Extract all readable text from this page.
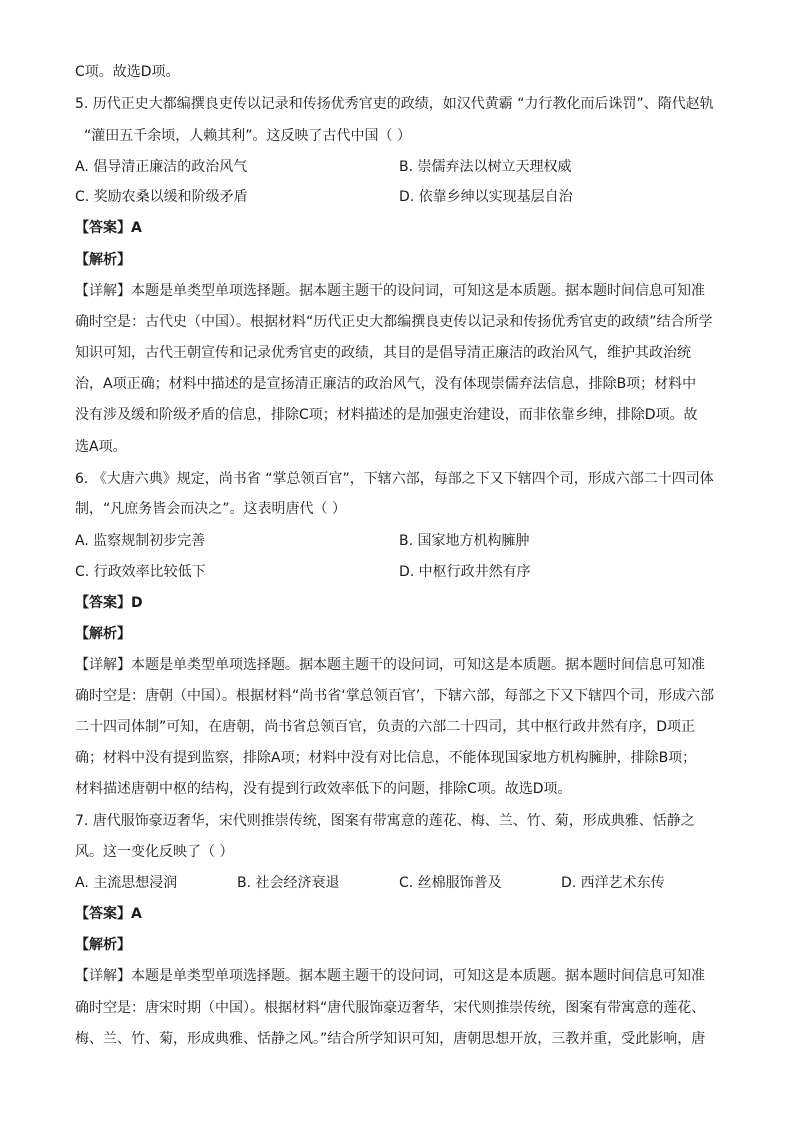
C项。故选D项。
5. 历代正史大都编撰良吏传以记录和传扬优秀官吏的政绩，如汉代黄霸 “力行教化而后诛罚”、隋代赵轨
“灌田五千余顷，人赖其利”。这反映了古代中国（ ）
A. 倡导清正廉洁的政治风气	B. 崇儒弃法以树立天理权威
C. 奖励农桑以缓和阶级矛盾	D. 依靠乡绅以实现基层自治
【答案】A
【解析】
【详解】本题是单类型单项选择题。据本题主题干的设问词，可知这是本质题。据本题时间信息可知准
确时空是：古代史（中国）。根据材料“历代正史大都编撰良吏传以记录和传扬优秀官吏的政绩”结合所学
知识可知，古代王朝宣传和记录优秀官吏的政绩，其目的是倡导清正廉洁的政治风气，维护其政治统
治，A项正确；材料中描述的是宣扬清正廉洁的政治风气，没有体现崇儒弃法信息，排除B项；材料中
没有涉及缓和阶级矛盾的信息，排除C项；材料描述的是加强吏治建设，而非依靠乡绅，排除D项。故
选A项。
6. 《大唐六典》规定，尚书省 “掌总领百官”，下辖六部，每部之下又下辖四个司，形成六部二十四司体
制，“凡庶务皆会而决之”。这表明唐代（ ）
A. 监察规制初步完善	B. 国家地方机构臃肿
C. 行政效率比较低下	D. 中枢行政井然有序
【答案】D
【解析】
【详解】本题是单类型单项选择题。据本题主题干的设问词，可知这是本质题。据本题时间信息可知准
确时空是：唐朝（中国）。根据材料“尚书省‘掌总领百官’，下辖六部，每部之下又下辖四个司，形成六部
二十四司体制”可知，在唐朝，尚书省总领百官，负责的六部二十四司，其中枢行政井然有序，D项正
确；材料中没有提到监察，排除A项；材料中没有对比信息，不能体现国家地方机构臃肿，排除B项；
材料描述唐朝中枢的结构，没有提到行政效率低下的问题，排除C项。故选D项。
7. 唐代服饰豪迈奢华，宋代则推崇传统，图案有带寓意的莲花、梅、兰、竹、菊，形成典雅、恬静之
风。这一变化反映了（ ）
A. 主流思想浸润	B. 社会经济衰退	C. 丝棉服饰普及	D. 西洋艺术东传
【答案】A
【解析】
【详解】本题是单类型单项选择题。据本题主题干的设问词，可知这是本质题。据本题时间信息可知准
确时空是：唐宋时期（中国）。根据材料“唐代服饰豪迈奢华，宋代则推崇传统，图案有带寓意的莲花、
梅、兰、竹、菊，形成典雅、恬静之风。”结合所学知识可知，唐朝思想开放，三教并重，受此影响，唐
